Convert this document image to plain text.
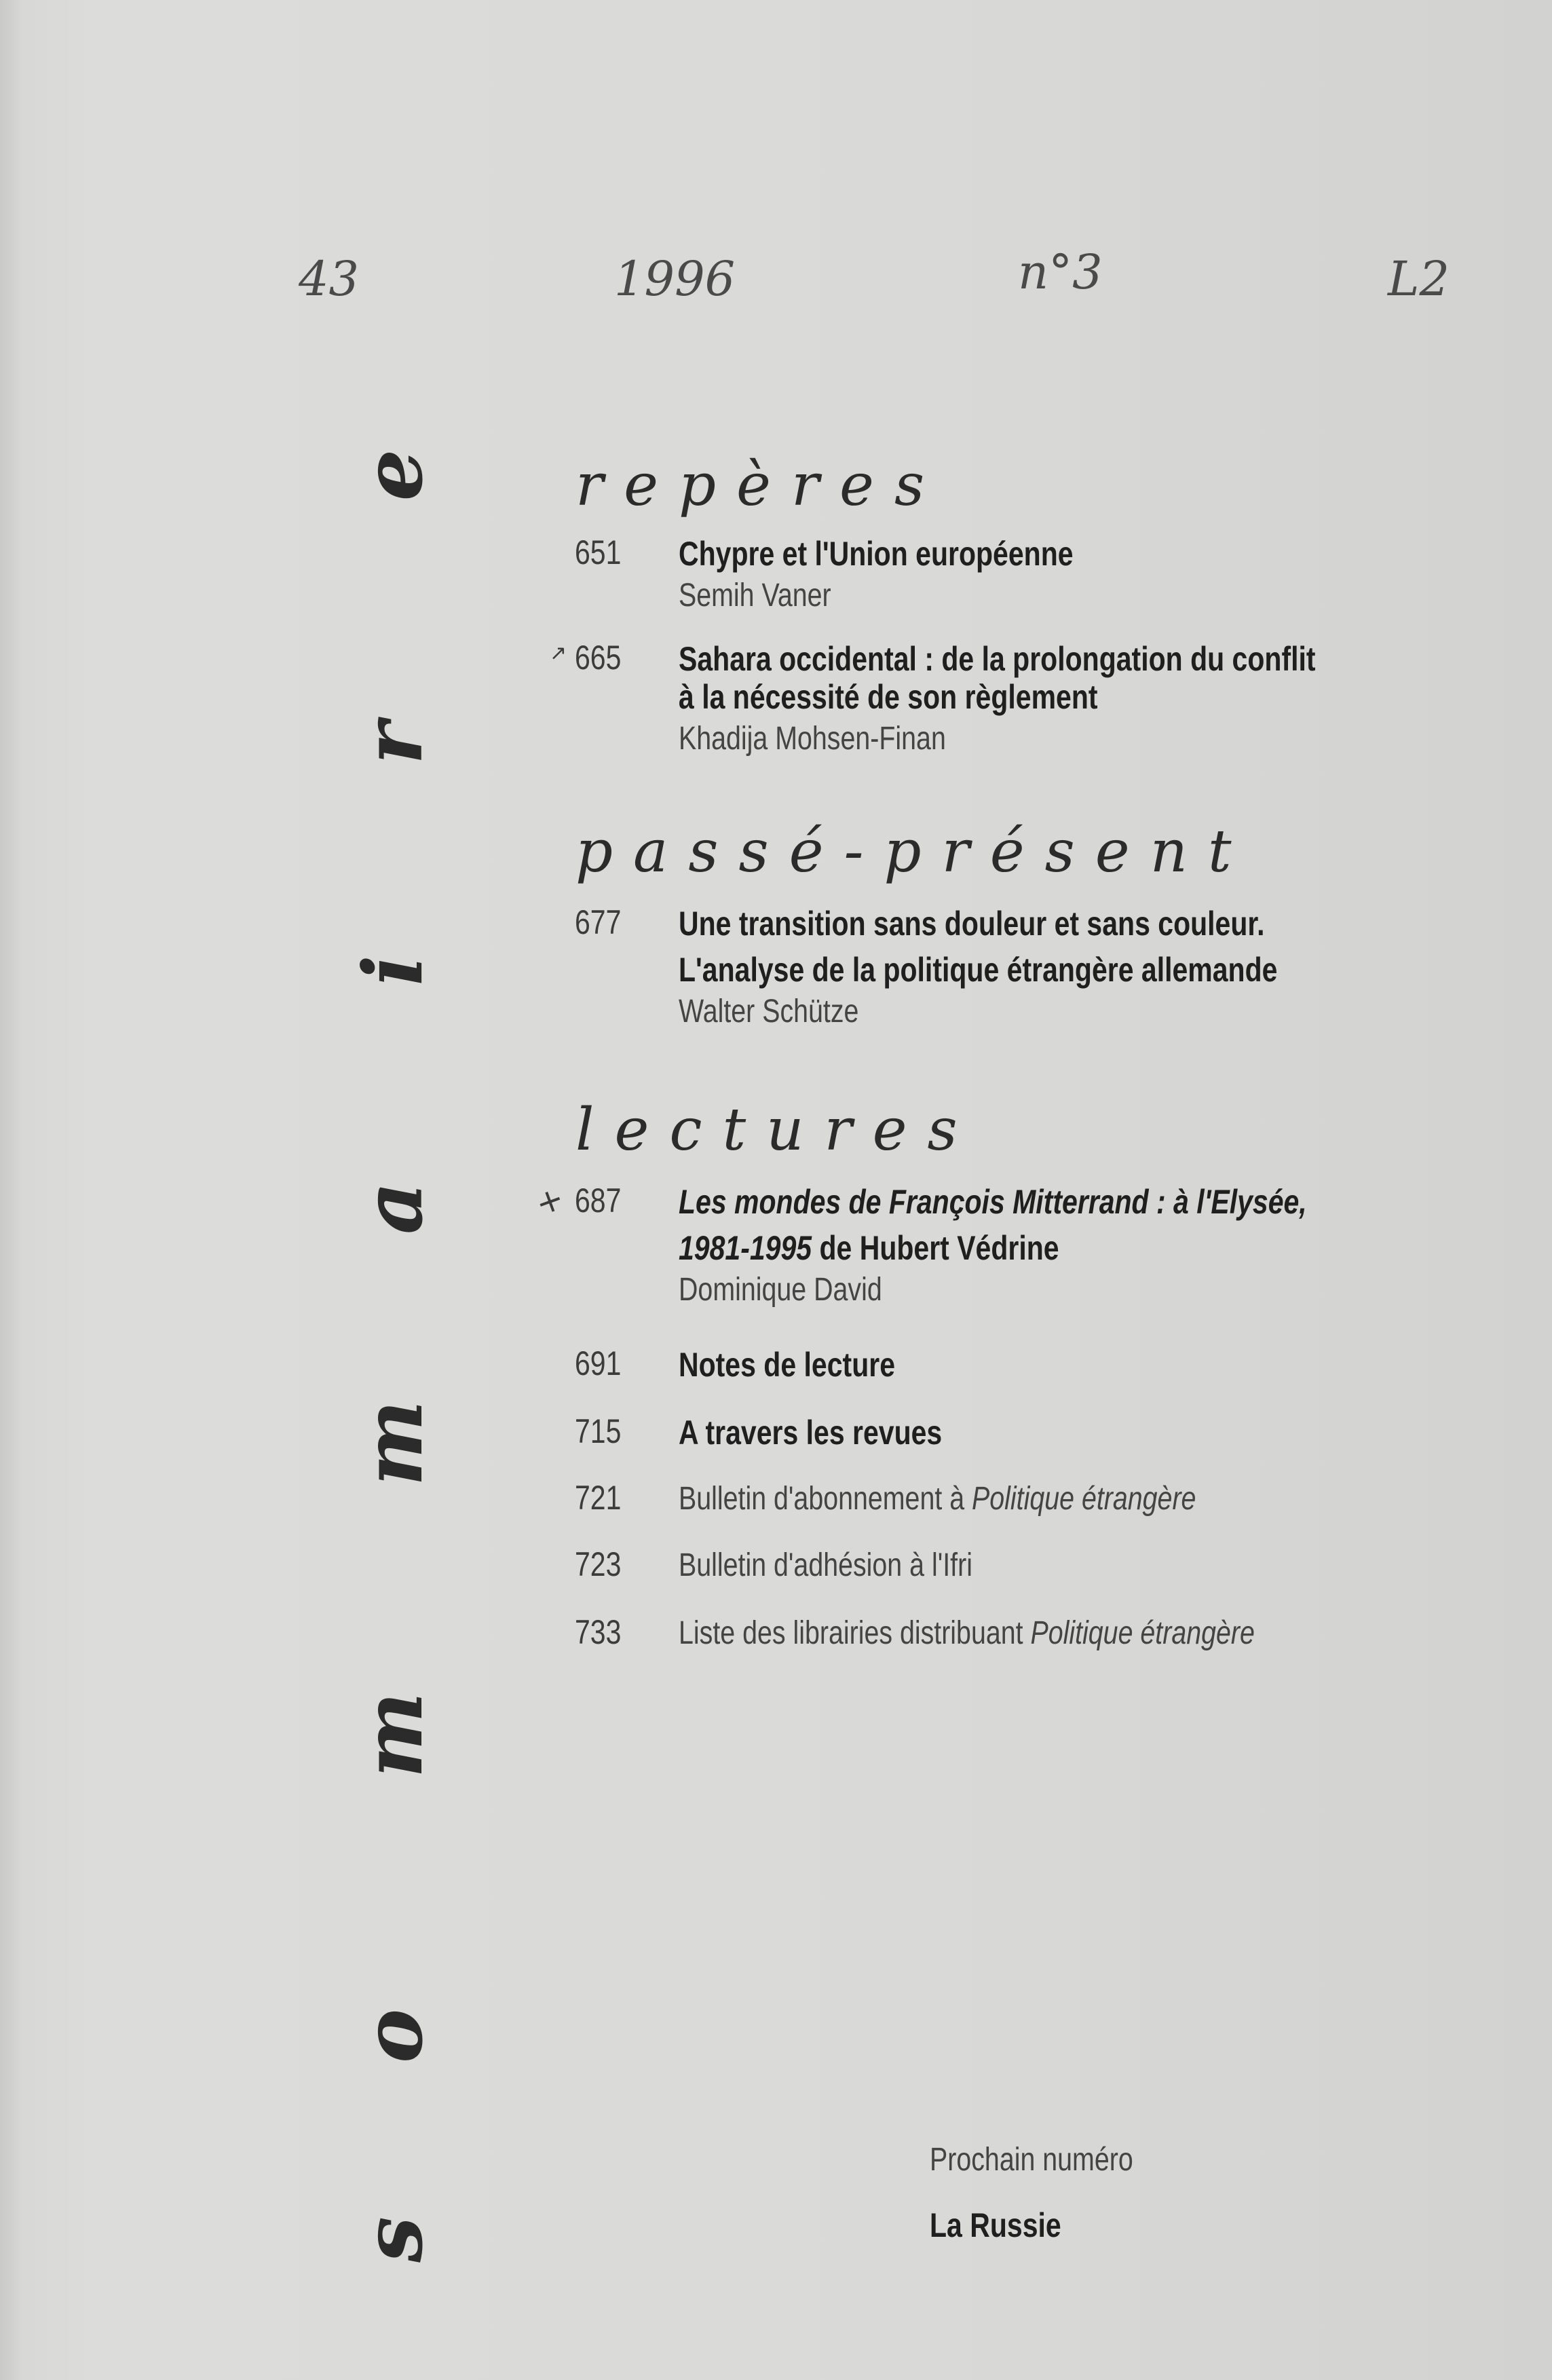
43	1996	n°3	L2
e
r
i
a
m
m
o
s
repères
651 Chypre et l'Union européenne
Semih Vaner
↗ 665 Sahara occidental : de la prolongation du conflit
à la nécessité de son règlement
Khadija Mohsen-Finan
passé-présent
677 Une transition sans douleur et sans couleur.
L'analyse de la politique étrangère allemande
Walter Schütze
lectures
+ 687 Les mondes de François Mitterrand : à l'Elysée,
1981-1995 de Hubert Védrine
Dominique David
691 Notes de lecture
715 A travers les revues
721 Bulletin d'abonnement à Politique étrangère
723 Bulletin d'adhésion à l'Ifri
733 Liste des librairies distribuant Politique étrangère
Prochain numéro
La Russie
